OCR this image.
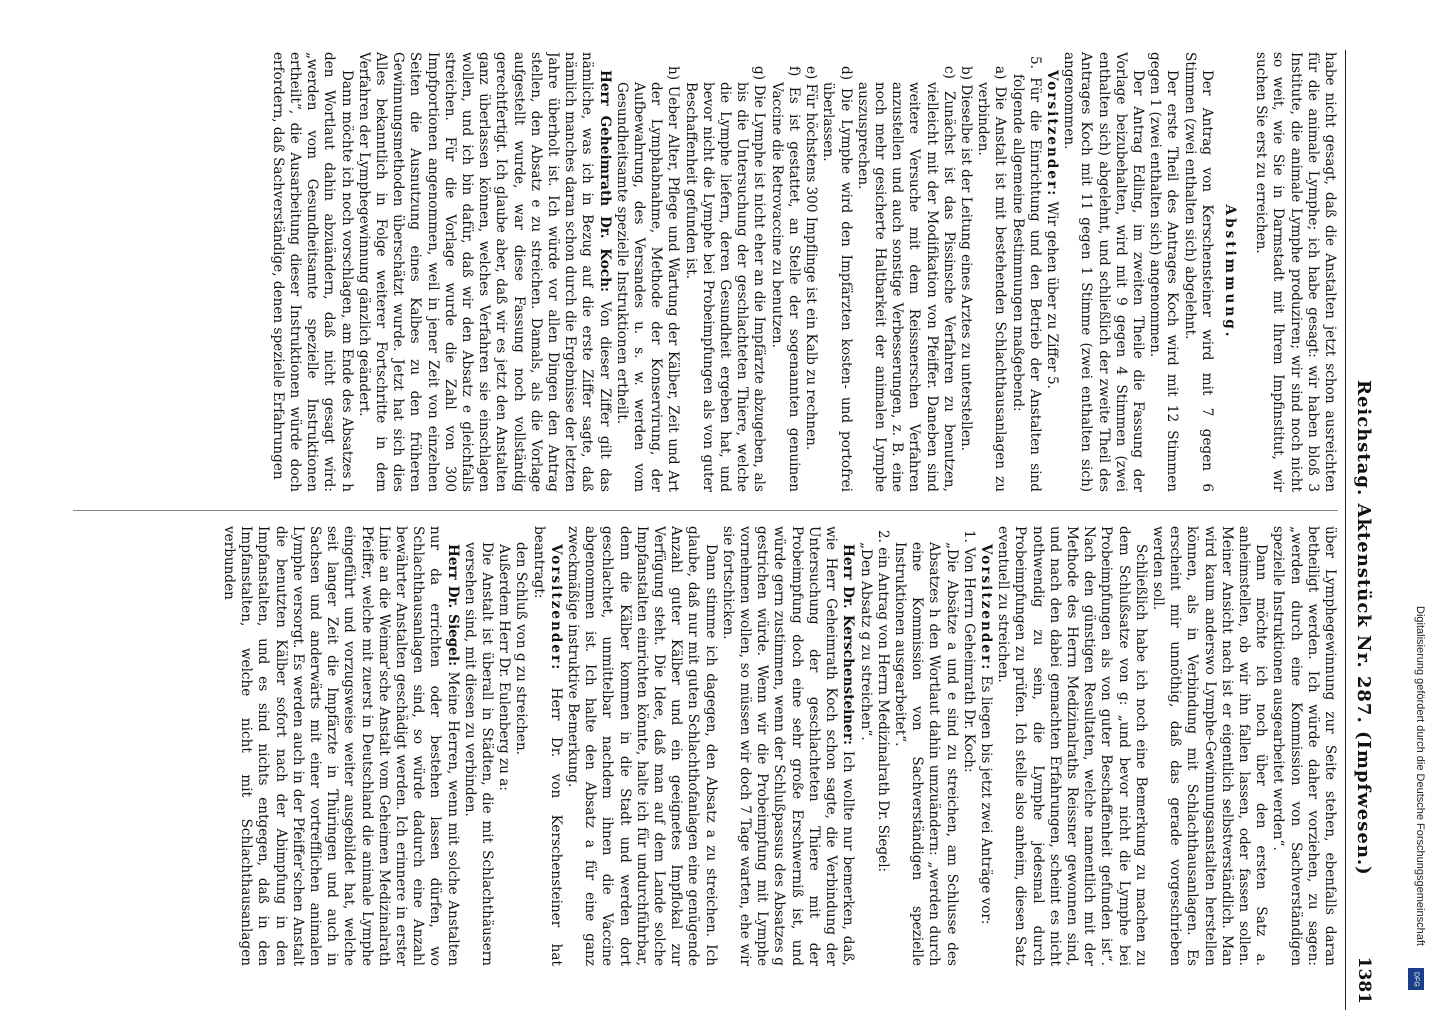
Reichstag. Aktenstück Nr. 287. (Impfwesen.)
1381

habe nicht gesagt, daß die Anstalten jetzt schon ausreichten für die animale Lymphe; ich habe gesagt: wir haben bloß 3 Institute, die animale Lymphe produziren; wir sind noch nicht so weit, wie Sie in Darmstadt mit Ihrem Impfinstitut, wir suchen Sie erst zu erreichen.

Abstimmung.

Der Antrag von Kerschensteiner wird mit 7 gegen 6 Stimmen (zwei enthalten sich) abgelehnt.

Der erste Theil des Antrages Koch wird mit 12 Stimmen gegen 1 (zwei enthalten sich) angenommen.

Der Antrag Edling, im zweiten Theile die Fassung der Vorlage beizubehalten, wird mit 9 gegen 4 Stimmen (zwei enthalten sich) abgelehnt, und schließlich der zweite Theil des Antrages Koch mit 11 gegen 1 Stimme (zwei enthalten sich) angenommen.

Vorsitzender: Wir gehen über zu Ziffer 5.

5. Für die Einrichtung und den Betrieb der Anstalten sind folgende allgemeine Bestimmungen maßgebend:

a) Die Anstalt ist mit bestehenden Schlachthausanlagen zu verbinden.

b) Dieselbe ist der Leitung eines Arztes zu unterstellen.

c) Zunächst ist das Pissinsche Verfahren zu benutzen, vielleicht mit der Modifikation von Pfeiffer. Daneben sind weitere Versuche mit dem Reissnerschen Verfahren anzustellen und auch sonstige Verbesserungen, z. B. eine noch mehr gesicherte Haltbarkeit der animalen Lymphe auszusprechen.

d) Die Lymphe wird den Impfärzten kosten- und portofrei überlassen.

e) Für höchstens 300 Impflinge ist ein Kalb zu rechnen.

f) Es ist gestattet, an Stelle der sogenannten genuinen Vaccine die Retrovaccine zu benutzen.

g) Die Lymphe ist nicht eher an die Impfärzte abzugeben, als bis die Untersuchung der geschlachteten Thiere, welche die Lymphe liefern, deren Gesundheit ergeben hat, und bevor nicht die Lymphe bei Probeimpfungen als von guter Beschaffenheit gefunden ist.

h) Ueber Alter, Pflege und Wartung der Kälber, Zeit und Art der Lymphabnahme, Methode der Konservirung, der Aufbewahrung, des Versandes u. s. w. werden vom Gesundheitsamte spezielle Instruktionen ertheilt.

Herr Geheimrath Dr. Koch: Von dieser Ziffer gilt das nämliche, was ich in Bezug auf die erste Ziffer sagte, daß nämlich manches daran schon durch die Ergebnisse der letzten Jahre überholt ist. Ich würde vor allen Dingen den Antrag stellen, den Absatz e zu streichen. Damals, als die Vorlage aufgestellt wurde, war diese Fassung noch vollständig gerechtfertigt. Ich glaube aber, daß wir es jetzt den Anstalten ganz überlassen können, welches Verfahren sie einschlagen wollen, und ich bin dafür, daß wir den Absatz e gleichfalls streichen. Für die Vorlage wurde die Zahl von 300 Impfportionen angenommen, weil in jener Zeit von einzelnen Seiten die Ausnutzung eines Kalbes zu den früheren Gewinnungsmethoden überschätzt wurde. Jetzt hat sich dies Alles bekanntlich in Folge weiterer Fortschritte in dem Verfahren der Lymphegewinnung gänzlich geändert.

Dann möchte ich noch vorschlagen, am Ende des Absatzes h den Wortlaut dahin abzuändern, daß nicht gesagt wird: „werden vom Gesundheitsamte spezielle Instruktionen ertheilt“, die Ausarbeitung dieser Instruktionen würde doch erfordern, daß Sachverständige, denen spezielle Erfahrungen

über Lymphegewinnung zur Seite stehen, ebenfalls daran betheiligt werden. Ich würde daher vorziehen, zu sagen: „werden durch eine Kommission von Sachverständigen spezielle Instruktionen ausgearbeitet werden“.

Dann möchte ich noch über den ersten Satz a. anheimstellen, ob wir ihn fallen lassen, oder fassen sollen. Meiner Ansicht nach ist er eigentlich selbstverständlich. Man wird kaum anderswo Lymphe-Gewinnungsanstalten herstellen können, als in Verbindung mit Schlachthausanlagen. Es erscheint mir unnöthig, daß das gerade vorgeschrieben werden soll.

Schließlich habe ich noch eine Bemerkung zu machen zu dem Schlußsatze von g: „und bevor nicht die Lymphe bei Probeimpfungen als von guter Beschaffenheit gefunden ist“. Nach den günstigen Resultaten, welche namentlich mit der Methode des Herrn Medizinalraths Reissner gewonnen sind, und nach den dabei gemachten Erfahrungen, scheint es nicht nothwendig zu sein, die Lymphe jedesmal durch Probeimpfungen zu prüfen. Ich stelle also anheim, diesen Satz eventuell zu streichen.

Vorsitzender: Es liegen bis jetzt zwei Anträge vor:

1. Von Herrn Geheimrath Dr. Koch:

„Die Absätze a und e sind zu streichen, am Schlusse des Absatzes h den Wortlaut dahin umzuändern: „werden durch eine Kommission von Sachverständigen spezielle Instruktionen ausgearbeitet“.

2. ein Antrag von Herrn Medizinalrath Dr. Siegel:

„Den Absatz g zu streichen“.

Herr Dr. Kerschensteiner: Ich wollte nur bemerken, daß, wie Herr Geheimrath Koch schon sagte, die Verbindung der Untersuchung der geschlachteten Thiere mit der Probeimpfung doch eine sehr große Erschwerniß ist, und würde gern zustimmen, wenn der Schlußpassus des Absatzes g gestrichen würde. Wenn wir die Probeimpfung mit Lymphe vornehmen wollen, so müssen wir doch 7 Tage warten, ehe wir sie fortschicken.

Dann stimme ich dagegen, den Absatz a zu streichen. Ich glaube, daß nur mit guten Schlachthofanlagen eine genügende Anzahl guter Kälber und ein geeignetes Impflokal zur Verfügung steht. Die Idee, daß man auf dem Lande solche Impfanstalten einrichten könnte, halte ich für undurchführbar, denn die Kälber kommen in die Stadt und werden dort geschlachtet, unmittelbar nachdem ihnen die Vaccine abgenommen ist. Ich halte den Absatz a für eine ganz zweckmäßige instruktive Bemerkung.

Vorsitzender: Herr Dr. von Kerschensteiner hat beantragt:

den Schluß von g zu streichen.

Außerdem Herr Dr. Eulenberg zu a:

Die Anstalt ist überall in Städten, die mit Schlachthäusern versehen sind, mit diesen zu verbinden.

Herr Dr. Siegel: Meine Herren, wenn mit solche Anstalten nur da errichten oder bestehen lassen dürfen, wo Schlachthausanlagen sind, so würde dadurch eine Anzahl bewährter Anstalten geschädigt werden. Ich erinnere in erster Linie an die Weimar'sche Anstalt vom Geheimen Medizinalrath Pfeiffer, welche mit zuerst in Deutschland die animale Lymphe eingeführt und vorzugsweise weiter ausgebildet hat, welche seit langer Zeit die Impfärzte in Thüringen und auch in Sachsen und anderwärts mit einer vortrefflichen animalen Lymphe versorgt. Es werden auch in der Pfeiffer'schen Anstalt die benutzten Kälber sofort nach der Abimpfung in den Impfanstalten, und es sind nichts entgegen, daß in den Impfanstalten, welche nicht mit Schlachthausanlagen verbunden

Digitalisierung gefördert durch die Deutsche Forschungsgemeinschaft
DFG
